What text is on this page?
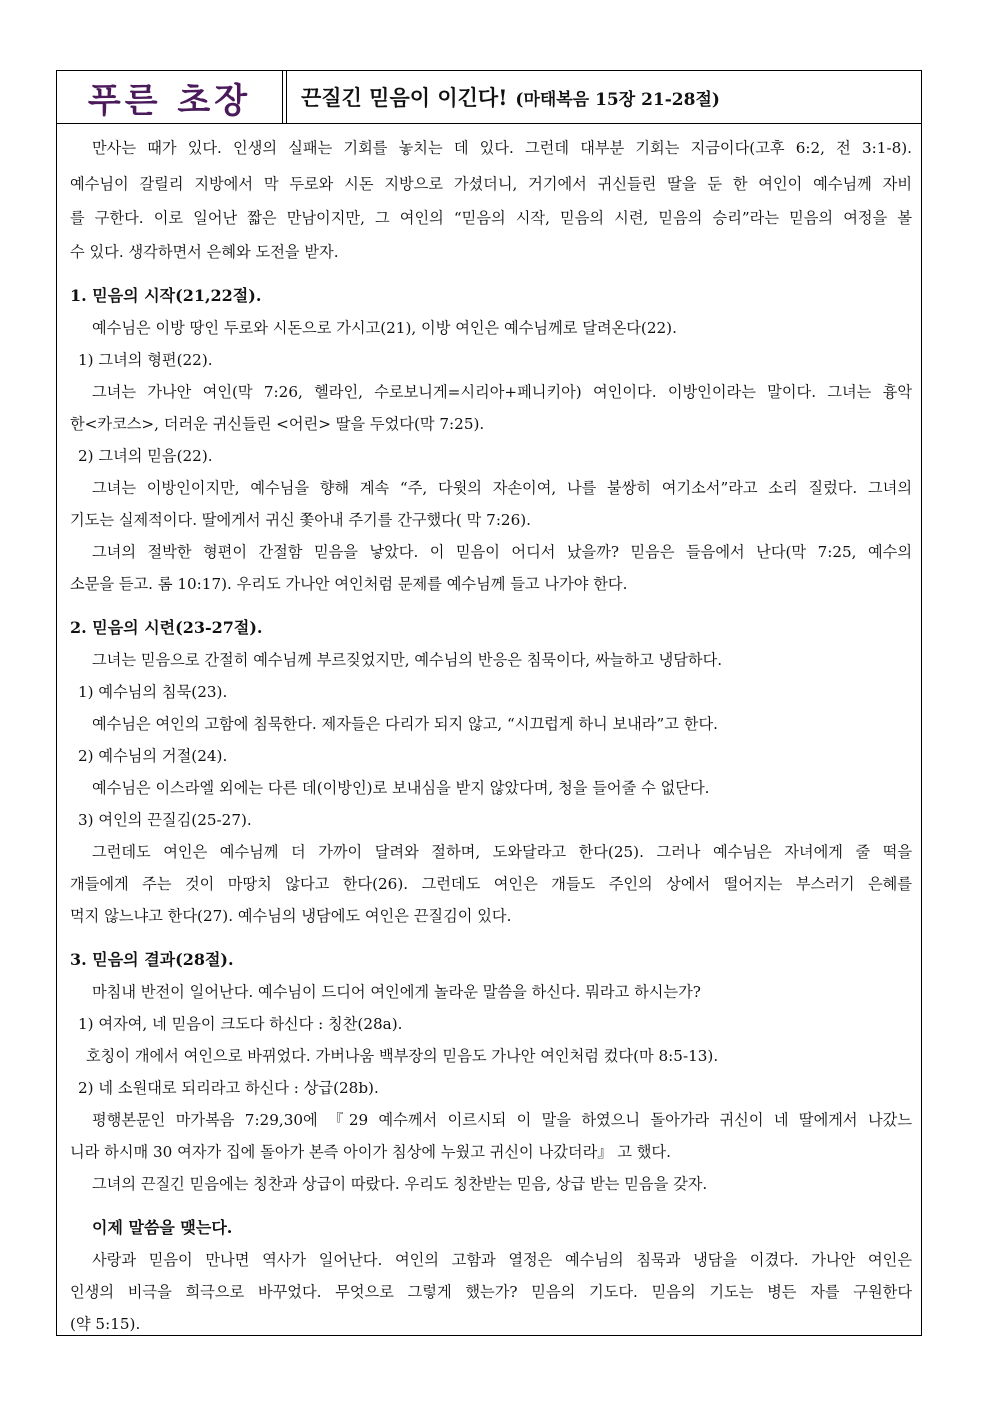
푸른 초장 끈질긴 믿음이 이긴다! (마태복음 15장 21-28절)
만사는 때가 있다. 인생의 실패는 기회를 놓치는 데 있다. 그런데 대부분 기회는 지금이다(고후 6:2, 전 3:1-8).
예수님이 갈릴리 지방에서 막 두로와 시돈 지방으로 가셨더니, 거기에서 귀신들린 딸을 둔 한 여인이 예수님께 자비
를 구한다. 이로 일어난 짧은 만남이지만, 그 여인의 “믿음의 시작, 믿음의 시련, 믿음의 승리”라는 믿음의 여정을 볼
수 있다. 생각하면서 은혜와 도전을 받자.
1. 믿음의 시작(21,22절).
예수님은 이방 땅인 두로와 시돈으로 가시고(21), 이방 여인은 예수님께로 달려온다(22).
1) 그녀의 형편(22).
그녀는 가나안 여인(막 7:26, 헬라인, 수로보니게=시리아+페니키아) 여인이다. 이방인이라는 말이다. 그녀는 흉악
한<카코스>, 더러운 귀신들린 <어린> 딸을 두었다(막 7:25).
2) 그녀의 믿음(22).
그녀는 이방인이지만, 예수님을 향해 계속 “주, 다윗의 자손이여, 나를 불쌍히 여기소서”라고 소리 질렀다. 그녀의
기도는 실제적이다. 딸에게서 귀신 쫓아내 주기를 간구했다( 막 7:26).
그녀의 절박한 형편이 간절함 믿음을 낳았다. 이 믿음이 어디서 났을까? 믿음은 들음에서 난다(막 7:25, 예수의
소문을 듣고. 롬 10:17). 우리도 가나안 여인처럼 문제를 예수님께 들고 나가야 한다.
2. 믿음의 시련(23-27절).
그녀는 믿음으로 간절히 예수님께 부르짖었지만, 예수님의 반응은 침묵이다, 싸늘하고 냉담하다.
1) 예수님의 침묵(23).
예수님은 여인의 고함에 침묵한다. 제자들은 다리가 되지 않고, “시끄럽게 하니 보내라”고 한다.
2) 예수님의 거절(24).
예수님은 이스라엘 외에는 다른 데(이방인)로 보내심을 받지 않았다며, 청을 들어줄 수 없단다.
3) 여인의 끈질김(25-27).
그런데도 여인은 예수님께 더 가까이 달려와 절하며, 도와달라고 한다(25). 그러나 예수님은 자녀에게 줄 떡을
개들에게 주는 것이 마땅치 않다고 한다(26). 그런데도 여인은 개들도 주인의 상에서 떨어지는 부스러기 은혜를
먹지 않느냐고 한다(27). 예수님의 냉담에도 여인은 끈질김이 있다.
3. 믿음의 결과(28절).
마침내 반전이 일어난다. 예수님이 드디어 여인에게 놀라운 말씀을 하신다. 뭐라고 하시는가?
1) 여자여, 네 믿음이 크도다 하신다 : 칭찬(28a).
호칭이 개에서 여인으로 바뀌었다. 가버나움 백부장의 믿음도 가나안 여인처럼 컸다(마 8:5-13).
2) 네 소원대로 되리라고 하신다 : 상급(28b).
평행본문인 마가복음 7:29,30에 『29 예수께서 이르시되 이 말을 하였으니 돌아가라 귀신이 네 딸에게서 나갔느
니라 하시매 30 여자가 집에 돌아가 본즉 아이가 침상에 누웠고 귀신이 나갔더라』 고 했다.
그녀의 끈질긴 믿음에는 칭찬과 상급이 따랐다. 우리도 칭찬받는 믿음, 상급 받는 믿음을 갖자.
이제 말씀을 맺는다.
사랑과 믿음이 만나면 역사가 일어난다. 여인의 고함과 열정은 예수님의 침묵과 냉담을 이겼다. 가나안 여인은
인생의 비극을 희극으로 바꾸었다. 무엇으로 그렇게 했는가? 믿음의 기도다. 믿음의 기도는 병든 자를 구원한다
(약 5:15).
